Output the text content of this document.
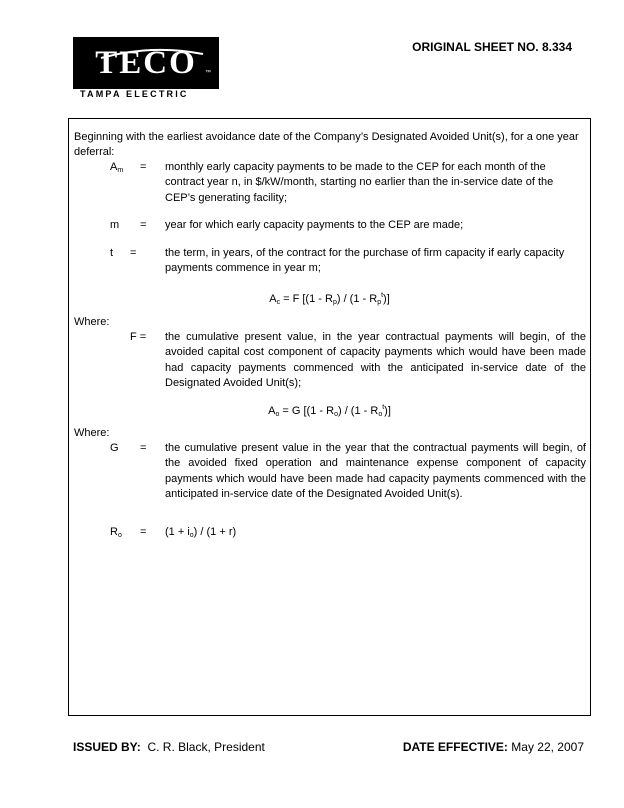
TECO	™
TAMPA ELECTRIC
ORIGINAL SHEET NO. 8.334
Beginning with the earliest avoidance date of the Company’s Designated Avoided Unit(s), for a one year deferral:
$A_m$ = monthly early capacity payments to be made to the CEP for each month of the contract year n, in $/kW/month, starting no earlier than the in-service date of the CEP’s generating facility;
m = year for which early capacity payments to the CEP are made;
t =	the term, in years, of the contract for the purchase of firm capacity if early capacity payments commence in year m;
$A_c = F$ $[(1 - R_p) / (1 - R_p^t)]$
Where:
F = the cumulative present value, in the year contractual payments will begin, of the avoided capital cost component of capacity payments which would have been made had capacity payments commenced with the anticipated in-service date of the Designated Avoided Unit(s);
$A_o = G$ $[(1 - R_o) / (1 - R_o^t)]$
Where:
G = the cumulative present value in the year that the contractual payments will begin, of the avoided fixed operation and maintenance expense component of capacity payments which would have been made had capacity payments commenced with the anticipated in-service date of the Designated Avoided Unit(s).
$R_o = (1 + i_o) / (1 + r)$
ISSUED BY: C. R. Black, President	DATE EFFECTIVE: May 22, 2007
